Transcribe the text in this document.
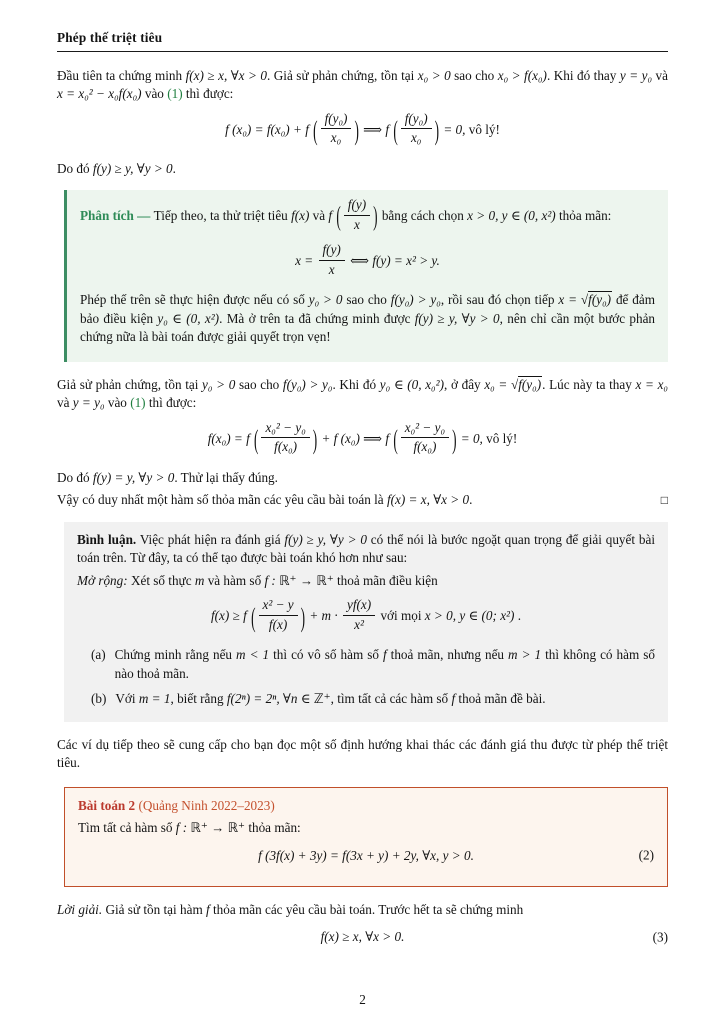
Phép thế triệt tiêu

Đầu tiên ta chứng minh f(x) ≥ x, ∀x > 0. Giả sử phản chứng, tồn tại x₀ > 0 sao cho x₀ > f(x₀). Khi đó thay y = y₀ và x = x₀² − x₀f(x₀) vào (1) thì được:

f (x₀) = f(x₀) + f ( $\frac{\text{f(y₀)}}{\text{x₀}}$ ) ⟹ f ( $\frac{\text{f(y₀)}}{\text{x₀}}$ ) = 0, vô lý!

Do đó f(y) ≥ y, ∀y > 0.

Phân tích — Tiếp theo, ta thử triệt tiêu f(x) và f ( $\frac{f(y)}{x}$ ) bằng cách chọn x > 0, y ∈ (0, x²) thỏa mãn:

$x = \frac{f(y)}{x}$ ⟺ f(y) = x² > y.

Phép thế trên sẽ thực hiện được nếu có số y₀ > 0 sao cho f(y₀) > y₀, rồi sau đó chọn tiếp x = √f(y₀) để đảm bảo điều kiện y₀ ∈ (0, x²). Mà ở trên ta đã chứng minh được f(y) ≥ y, ∀y > 0, nên chỉ cần một bước phản chứng nữa là bài toán được giải quyết trọn vẹn!

Giả sử phản chứng, tồn tại y₀ > 0 sao cho f(y₀) > y₀. Khi đó y₀ ∈ (0, x₀²), ở đây x₀ = √f(y₀). Lúc này ta thay x = x₀ và y = y₀ vào (1) thì được:

f(x₀) = f ( $\frac{\text{x₀² − y₀}}{\text{f(x₀)}}$ ) + f (x₀) ⟹ f ( $\frac{\text{x₀² − y₀}}{\text{f(x₀)}}$ ) = 0, vô lý!

Do đó f(y) = y, ∀y > 0. Thử lại thấy đúng.

Vậy có duy nhất một hàm số thỏa mãn các yêu cầu bài toán là f(x) = x, ∀x > 0.	□

Bình luận. Việc phát hiện ra đánh giá f(y) ≥ y, ∀y > 0 có thể nói là bước ngoặt quan trọng để giải quyết bài toán trên. Từ đây, ta có thể tạo được bài toán khó hơn như sau:

Mở rộng: Xét số thực m và hàm số f : ℝ⁺ → ℝ⁺ thoả mãn điều kiện

f(x) ≥ f ( $\frac{\text{x² − y}}{f(x)}$ ) + $m \cdot \frac{yf(x)}{\text{x²}}$ với mọi x > 0, y ∈ (0; x²) .
(a) Chứng minh rằng nếu m < 1 thì có vô số hàm số f thoả mãn, nhưng nếu m > 1 thì không có hàm số nào thoả mãn.
(b) Với m = 1, biết rằng f(2ⁿ) = 2ⁿ, ∀n ∈ ℤ⁺, tìm tất cả các hàm số f thoả mãn đề bài.

Các ví dụ tiếp theo sẽ cung cấp cho bạn đọc một số định hướng khai thác các đánh giá thu được từ phép thế triệt tiêu.

Bài toán 2 (Quảng Ninh 2022–2023)

Tìm tất cả hàm số f : ℝ⁺ → ℝ⁺ thỏa mãn:

f (3f(x) + 3y) = f(3x + y) + 2y, ∀x, y > 0.	(2)

Lời giải. Giả sử tồn tại hàm f thỏa mãn các yêu cầu bài toán. Trước hết ta sẽ chứng minh

f(x) ≥ x, ∀x > 0.	(3)
2
